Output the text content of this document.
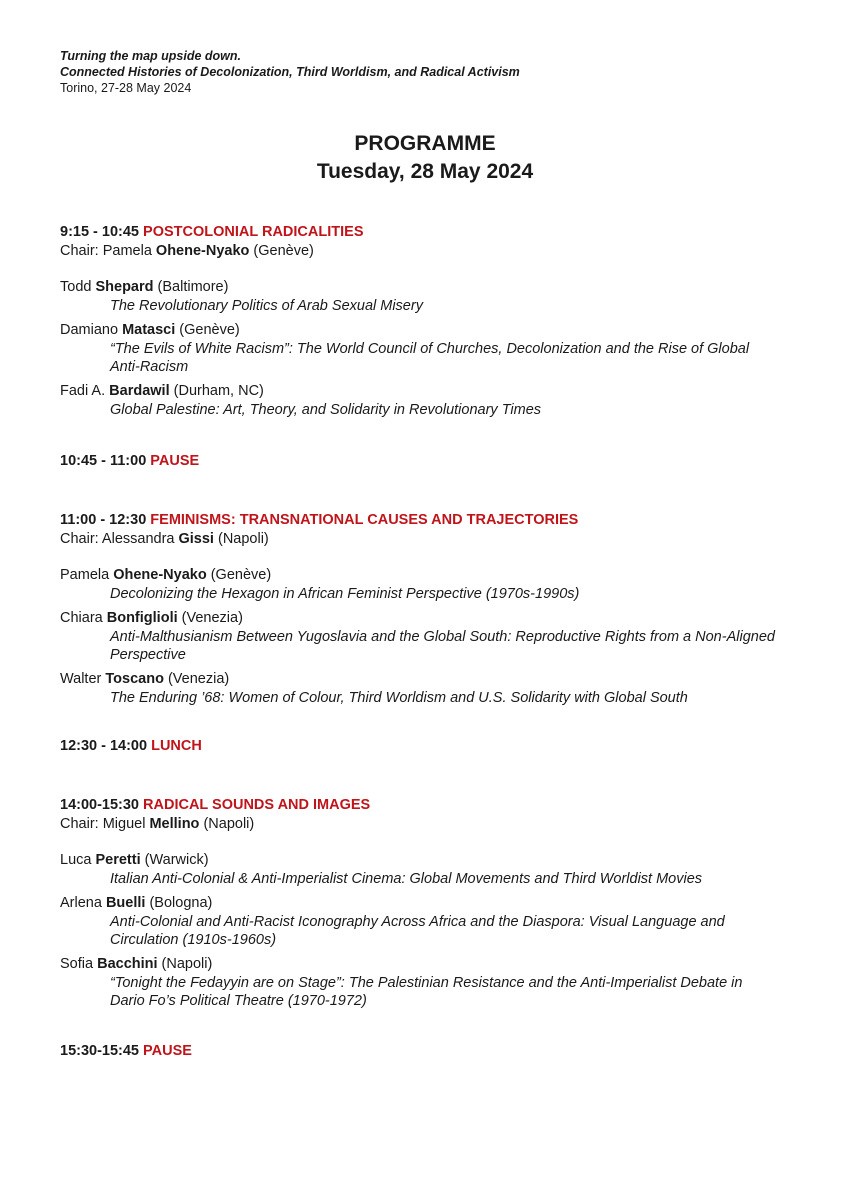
Turning the map upside down.
Connected Histories of Decolonization, Third Worldism, and Radical Activism
Torino, 27-28 May 2024
PROGRAMME
Tuesday, 28 May 2024
9:15 - 10:45 POSTCOLONIAL RADICALITIES
Chair: Pamela Ohene-Nyako (Genève)
Todd Shepard (Baltimore)
The Revolutionary Politics of Arab Sexual Misery
Damiano Matasci (Genève)
“The Evils of White Racism”: The World Council of Churches, Decolonization and the Rise of Global Anti-Racism
Fadi A. Bardawil (Durham, NC)
Global Palestine: Art, Theory, and Solidarity in Revolutionary Times
10:45 - 11:00 PAUSE
11:00 - 12:30 FEMINISMS: TRANSNATIONAL CAUSES AND TRAJECTORIES
Chair: Alessandra Gissi (Napoli)
Pamela Ohene-Nyako (Genève)
Decolonizing the Hexagon in African Feminist Perspective (1970s-1990s)
Chiara Bonfiglioli (Venezia)
Anti-Malthusianism Between Yugoslavia and the Global South: Reproductive Rights from a Non-Aligned Perspective
Walter Toscano (Venezia)
The Enduring ’68: Women of Colour, Third Worldism and U.S. Solidarity with Global South
12:30 - 14:00 LUNCH
14:00-15:30 RADICAL SOUNDS AND IMAGES
Chair: Miguel Mellino (Napoli)
Luca Peretti (Warwick)
Italian Anti-Colonial & Anti-Imperialist Cinema: Global Movements and Third Worldist Movies
Arlena Buelli (Bologna)
Anti-Colonial and Anti-Racist Iconography Across Africa and the Diaspora: Visual Language and Circulation (1910s-1960s)
Sofia Bacchini (Napoli)
“Tonight the Fedayyin are on Stage”: The Palestinian Resistance and the Anti-Imperialist Debate in Dario Fo’s Political Theatre (1970-1972)
15:30-15:45 PAUSE
